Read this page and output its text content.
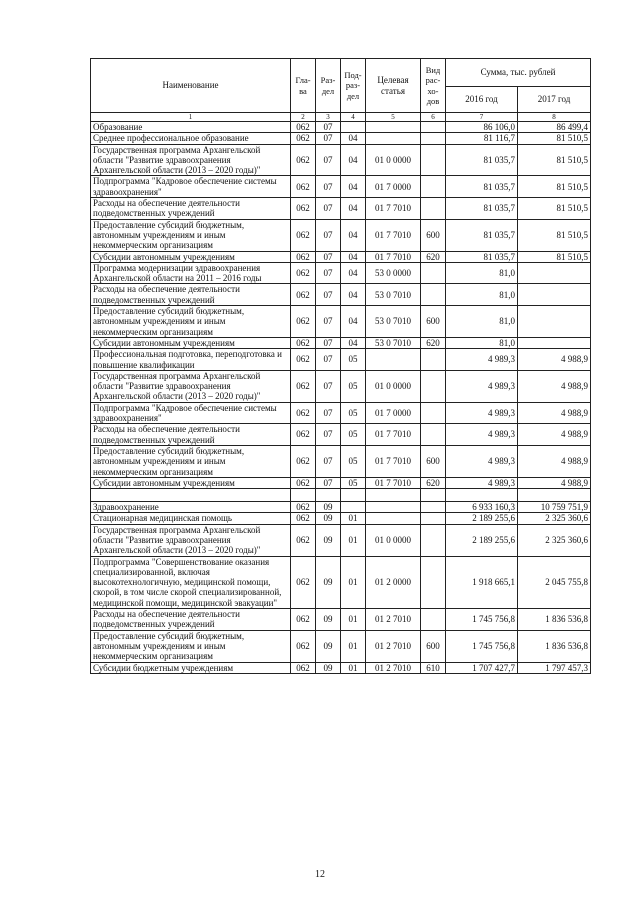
Наименование	Гла-ва	Раз-дел	Под-раз-дел	Целевая статья	Вид рас-хо-дов	Сумма, тыс. рублей	
						2016 год	2017 год
1	2	3	4	5	6	7	8
Образование	062	07				86 106,0	86 499,4
Среднее профессиональное образование	062	07	04			81 116,7	81 510,5
Государственная программа Архангельской области "Развитие здравоохранения Архангельской области (2013 – 2020 годы)"	062	07	04	01 0 0000		81 035,7	81 510,5
Подпрограмма "Кадровое обеспечение системы здравоохранения"	062	07	04	01 7 0000		81 035,7	81 510,5
Расходы на обеспечение деятельности подведомственных учреждений	062	07	04	01 7 7010		81 035,7	81 510,5
Предоставление субсидий бюджетным, автономным учреждениям и иным некоммерческим организациям	062	07	04	01 7 7010	600	81 035,7	81 510,5
Субсидии автономным учреждениям	062	07	04	01 7 7010	620	81 035,7	81 510,5
Программа модернизации здравоохранения Архангельской области на 2011 – 2016 годы	062	07	04	53 0 0000		81,0	
Расходы на обеспечение деятельности подведомственных учреждений	062	07	04	53 0 7010		81,0	
Предоставление субсидий бюджетным, автономным учреждениям и иным некоммерческим организациям	062	07	04	53 0 7010	600	81,0	
Субсидии автономным учреждениям	062	07	04	53 0 7010	620	81,0	
Профессиональная подготовка, переподготовка и повышение квалификации	062	07	05			4 989,3	4 988,9
Государственная программа Архангельской области "Развитие здравоохранения Архангельской области (2013 – 2020 годы)"	062	07	05	01 0 0000		4 989,3	4 988,9
Подпрограмма "Кадровое обеспечение системы здравоохранения"	062	07	05	01 7 0000		4 989,3	4 988,9
Расходы на обеспечение деятельности подведомственных учреждений	062	07	05	01 7 7010		4 989,3	4 988,9
Предоставление субсидий бюджетным, автономным учреждениям и иным некоммерческим организациям	062	07	05	01 7 7010	600	4 989,3	4 988,9
Субсидии автономным учреждениям	062	07	05	01 7 7010	620	4 989,3	4 988,9

Здравоохранение	062	09				6 933 160,3	10 759 751,9
Стационарная медицинская помощь	062	09	01			2 189 255,6	2 325 360,6
Государственная программа Архангельской области "Развитие здравоохранения Архангельской области (2013 – 2020 годы)"	062	09	01	01 0 0000		2 189 255,6	2 325 360,6
Подпрограмма "Совершенствование оказания специализированной, включая высокотехнологичную, медицинской помощи, скорой, в том числе скорой специализированной, медицинской помощи, медицинской эвакуации"	062	09	01	01 2 0000		1 918 665,1	2 045 755,8
Расходы на обеспечение деятельности подведомственных учреждений	062	09	01	01 2 7010		1 745 756,8	1 836 536,8
Предоставление субсидий бюджетным, автономным учреждениям и иным некоммерческим организациям	062	09	01	01 2 7010	600	1 745 756,8	1 836 536,8
Субсидии бюджетным учреждениям	062	09	01	01 2 7010	610	1 707 427,7	1 797 457,3
12
